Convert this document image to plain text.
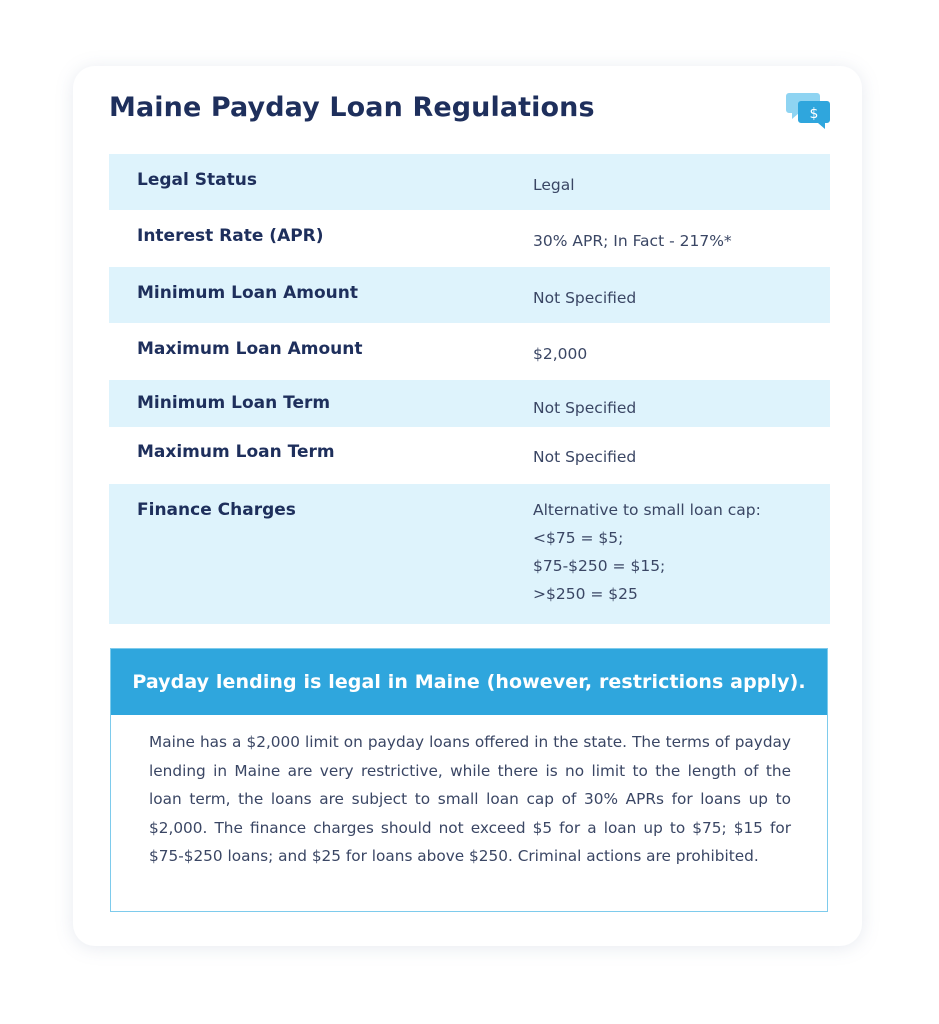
Maine Payday Loan Regulations	$
Legal Status	Legal
Interest Rate (APR)	30% APR; In Fact - 217%*
Minimum Loan Amount	Not Specified
Maximum Loan Amount	$2,000
Minimum Loan Term	Not Specified
Maximum Loan Term	Not Specified
Finance Charges	Alternative to small loan cap:
<$75 = $5;
$75-$250 = $15;
>$250 = $25
Payday lending is legal in Maine (however, restrictions apply).
Maine has a $2,000 limit on payday loans offered in the state. The terms of payday lending in Maine are very restrictive, while there is no limit to the length of the loan term, the loans are subject to small loan cap of 30% APRs for loans up to $2,000. The finance charges should not exceed $5 for a loan up to $75; $15 for $75-$250 loans; and $25 for loans above $250. Criminal actions are prohibited.
